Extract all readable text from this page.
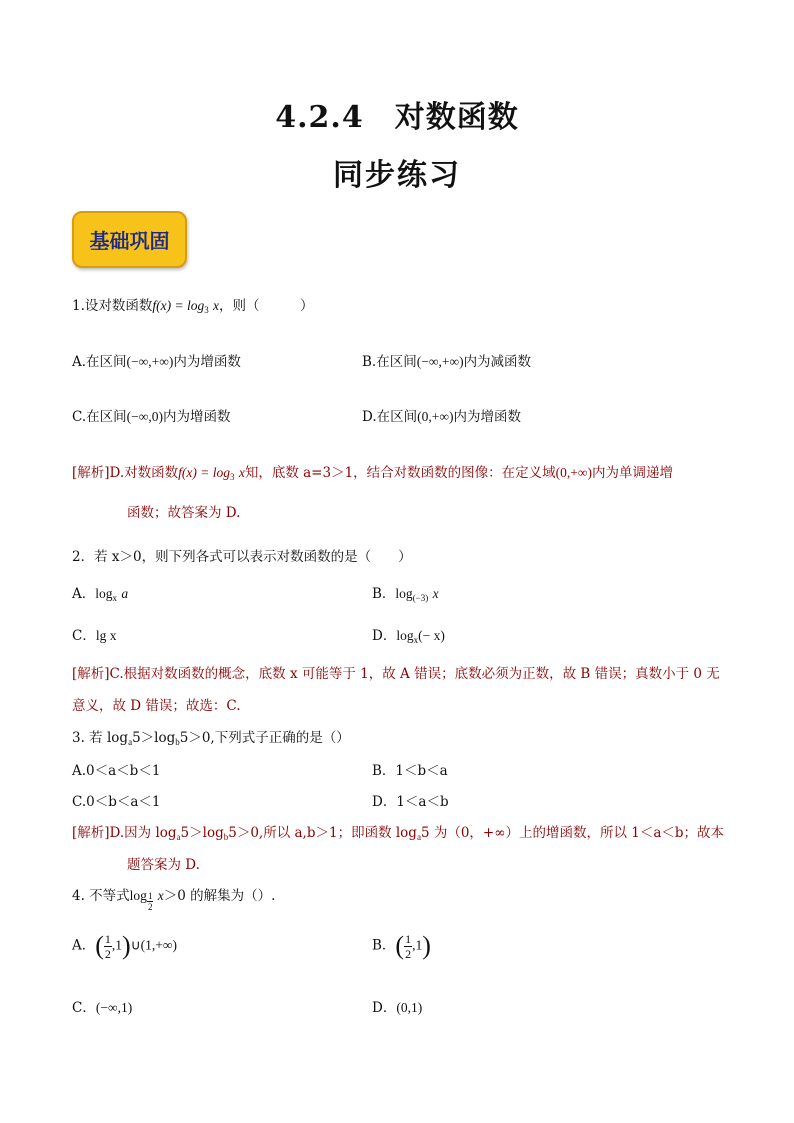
4.2.4　对数函数
同步练习
基础巩固
1.设对数函数$f(x) = \log_3 x$，则（　　　）
A.在区间(−∞,+∞)内为增函数	B.在区间(−∞,+∞)内为减函数
C.在区间(−∞,0)内为增函数	D.在区间(0,+∞)内为增函数
[解析]D.对数函数$f(x) = \log_3 x$知，底数 a=3＞1，结合对数函数的图像：在定义域(0,+∞)内为单调递增
函数；故答案为 D.
2．若 x＞0，则下列各式可以表示对数函数的是（　　）
A．$\log_x a$	B．$\log_{(-3)} x$
C．lg x	D．$\log_x(- x)$
[解析]C.根据对数函数的概念，底数 x 可能等于 1，故 A 错误；底数必须为正数，故 B 错误；真数小于 0 无
意义，故 D 错误；故选：C.
3. 若 $\log_a5>\log_b5>0$,下列式子正确的是（）
A.0＜a＜b＜1	B．1＜b＜a
C.0＜b＜a＜1	D．1＜a＜b
[解析]D.因为 $\log_a5>\log_b5>0$,所以 a,b＞1；即函数 $\log_a5$ 为（0，+∞）上的增函数，所以 1＜a＜b；故本
题答案为 D.
4. 不等式$\log \frac{1}{2} x>0$ 的解集为（）.
A．( $\frac{1}{2}$ ,1)∪(1,+∞)	B．( $\frac{1}{2} ,1$)
C．(−∞,1)	D．(0,1)
